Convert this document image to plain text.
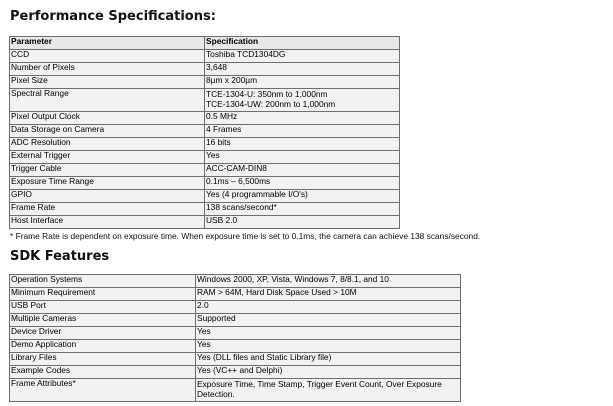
Performance Specifications:
Parameter	Specification
CCD	Toshiba TCD1304DG
Number of Pixels	3,648
Pixel Size	8µm x 200µm
Spectral Range	TCE-1304-U: 350nm to 1,000nm
TCE-1304-UW: 200nm to 1,000nm
Pixel Output Clock	0.5 MHz
Data Storage on Camera	4 Frames
ADC Resolution	16 bits
External Trigger	Yes
Trigger Cable	ACC-CAM-DIN8
Exposure Time Range	0.1ms – 6,500ms
GPIO	Yes (4 programmable I/O's)
Frame Rate	138 scans/second*
Host Interface	USB 2.0
* Frame Rate is dependent on exposure time. When exposure time is set to 0.1ms, the camera can achieve 138 scans/second.
SDK Features
Operation Systems	Windows 2000, XP, Vista, Windows 7, 8/8.1, and 10
Minimum Requirement	RAM > 64M, Hard Disk Space Used > 10M
USB Port	2.0
Multiple Cameras	Supported
Device Driver	Yes
Demo Application	Yes
Library Files	Yes (DLL files and Static Library file)
Example Codes	Yes (VC++ and Delphi)
Frame Attributes*	Exposure Time, Time Stamp, Trigger Event Count, Over Exposure Detection.
